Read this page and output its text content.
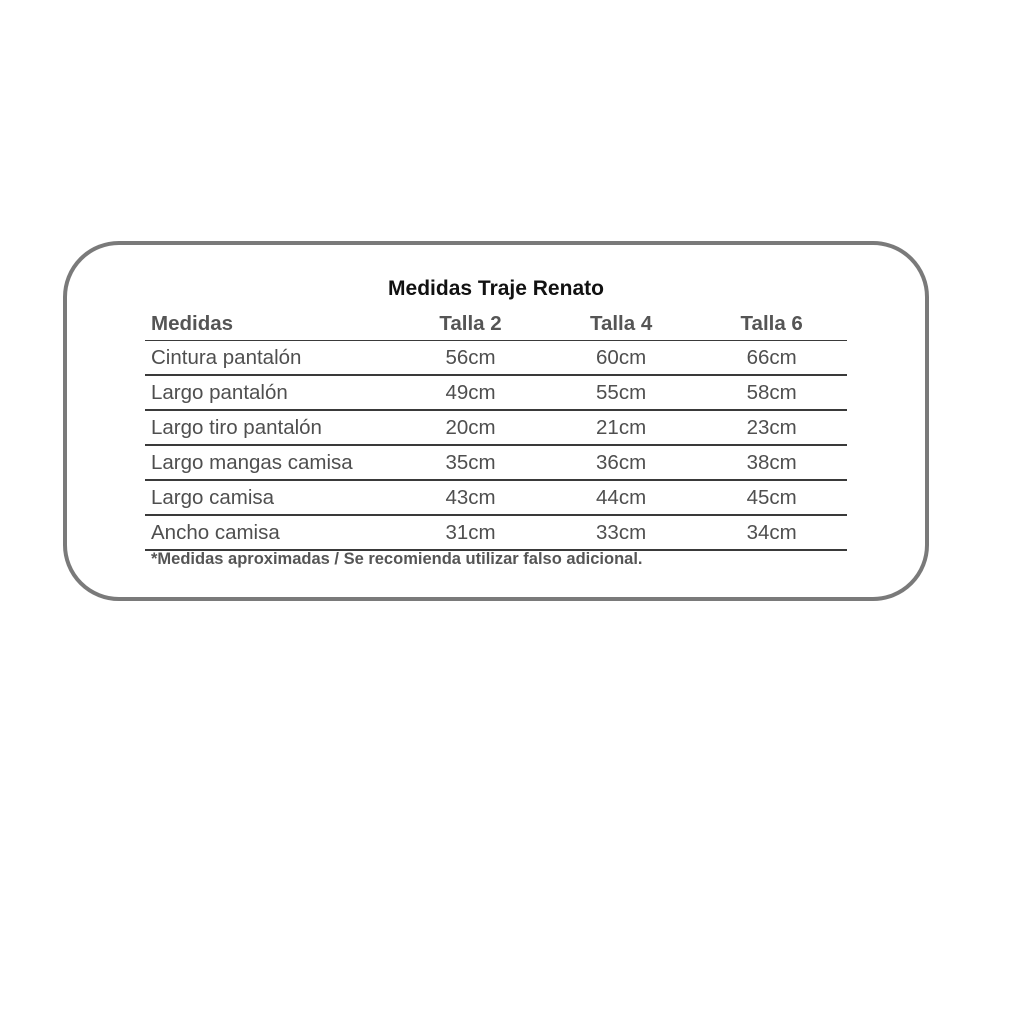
Medidas Traje Renato
Medidas	Talla 2	Talla 4	Talla 6
Cintura pantalón	56cm	60cm	66cm
Largo pantalón	49cm	55cm	58cm
Largo tiro pantalón	20cm	21cm	23cm
Largo mangas camisa	35cm	36cm	38cm
Largo camisa	43cm	44cm	45cm
Ancho camisa	31cm	33cm	34cm
*Medidas aproximadas / Se recomienda utilizar falso adicional.
